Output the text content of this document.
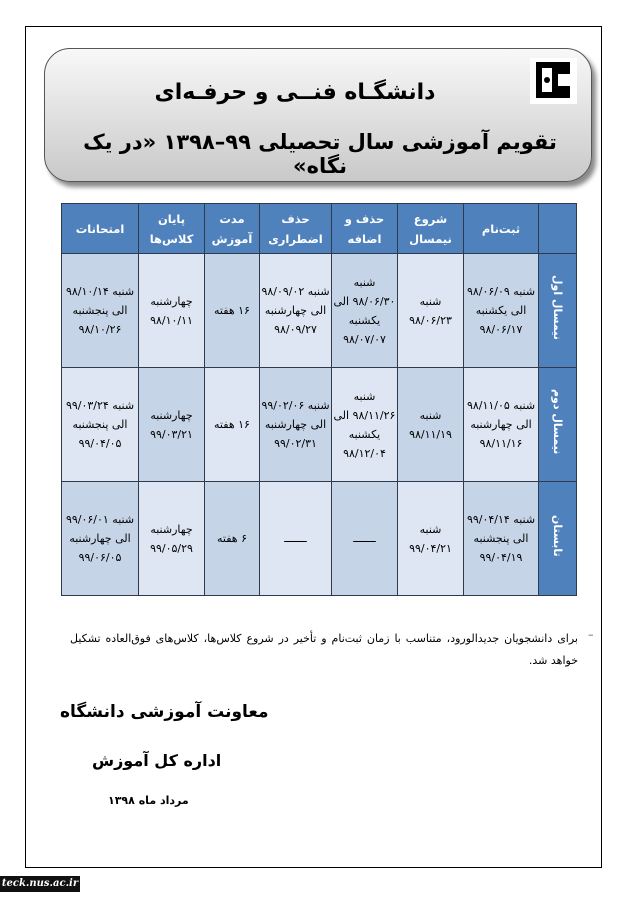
دانشگـاه فنــی و حرفـه‌ای
تقویم آموزشی سال تحصیلی ۹۹–۱۳۹۸ «در یک نگاه»
	ثبت‌نام	شروع نیمسال	حذف و اضافه	حذف اضطراری	مدت آموزش	پایان کلاس‌ها	امتحانات
نیمسال اول	شنبه ۹۸/۰۶/۰۹ الی یکشنبه ۹۸/۰۶/۱۷	شنبه ۹۸/۰۶/۲۳	شنبه ۹۸/۰۶/۳۰ الی یکشنبه ۹۸/۰۷/۰۷	شنبه ۹۸/۰۹/۰۲ الی چهارشنبه ۹۸/۰۹/۲۷	۱۶ هفته	چهارشنبه ۹۸/۱۰/۱۱	شنبه ۹۸/۱۰/۱۴ الی پنجشنبه ۹۸/۱۰/۲۶
نیمسال دوم	شنبه ۹۸/۱۱/۰۵ الی چهارشنبه ۹۸/۱۱/۱۶	شنبه ۹۸/۱۱/۱۹	شنبه ۹۸/۱۱/۲۶ الی یکشنبه ۹۸/۱۲/۰۴	شنبه ۹۹/۰۲/۰۶ الی چهارشنبه ۹۹/۰۲/۳۱	۱۶ هفته	چهارشنبه ۹۹/۰۳/۲۱	شنبه ۹۹/۰۳/۲۴ الی پنجشنبه ۹۹/۰۴/۰۵
تابستان	شنبه ۹۹/۰۴/۱۴ الی پنجشنبه ۹۹/۰۴/۱۹	شنبه ۹۹/۰۴/۲۱	ـــــــ	ـــــــ	۶ هفته	چهارشنبه ۹۹/۰۵/۲۹	شنبه ۹۹/۰۶/۰۱ الی چهارشنبه ۹۹/۰۶/۰۵
–
برای دانشجویان جدیدالورود، متناسب با زمان ثبت‌نام و تأخیر در شروع کلاس‌ها، کلاس‌های فوق‌العاده تشکیل خواهد شد.
معاونت آموزشی دانشگاه
اداره کل آموزش
مرداد ماه ۱۳۹۸
teck.nus.ac.ir
